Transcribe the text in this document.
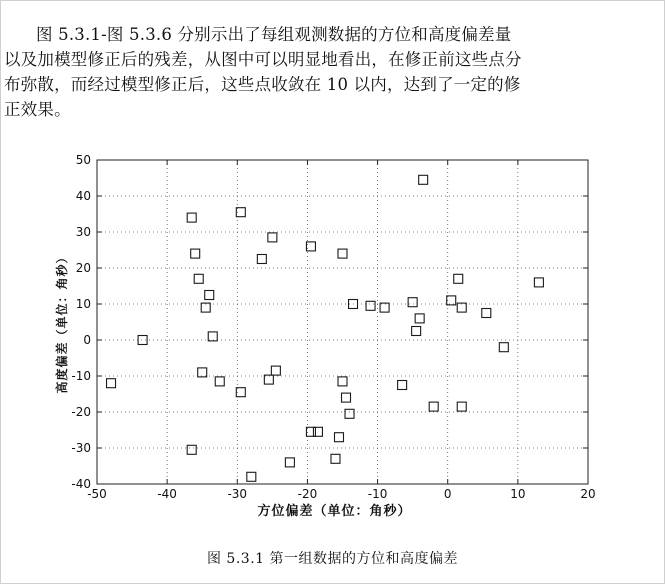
图 5.3.1-图 5.3.6 分别示出了每组观测数据的方位和高度偏差量
以及加模型修正后的残差，从图中可以明显地看出，在修正前这些点分
布弥散，而经过模型修正后，这些点收敛在 10 以内，达到了一定的修
正效果。
-50	-40	-30	-20	-10	0	10	20
-40
-30
-20
-10
0
10
20
30
40
50
方位偏差（单位：角秒）
高度偏差（单位：角秒）
图 5.3.1 第一组数据的方位和高度偏差
